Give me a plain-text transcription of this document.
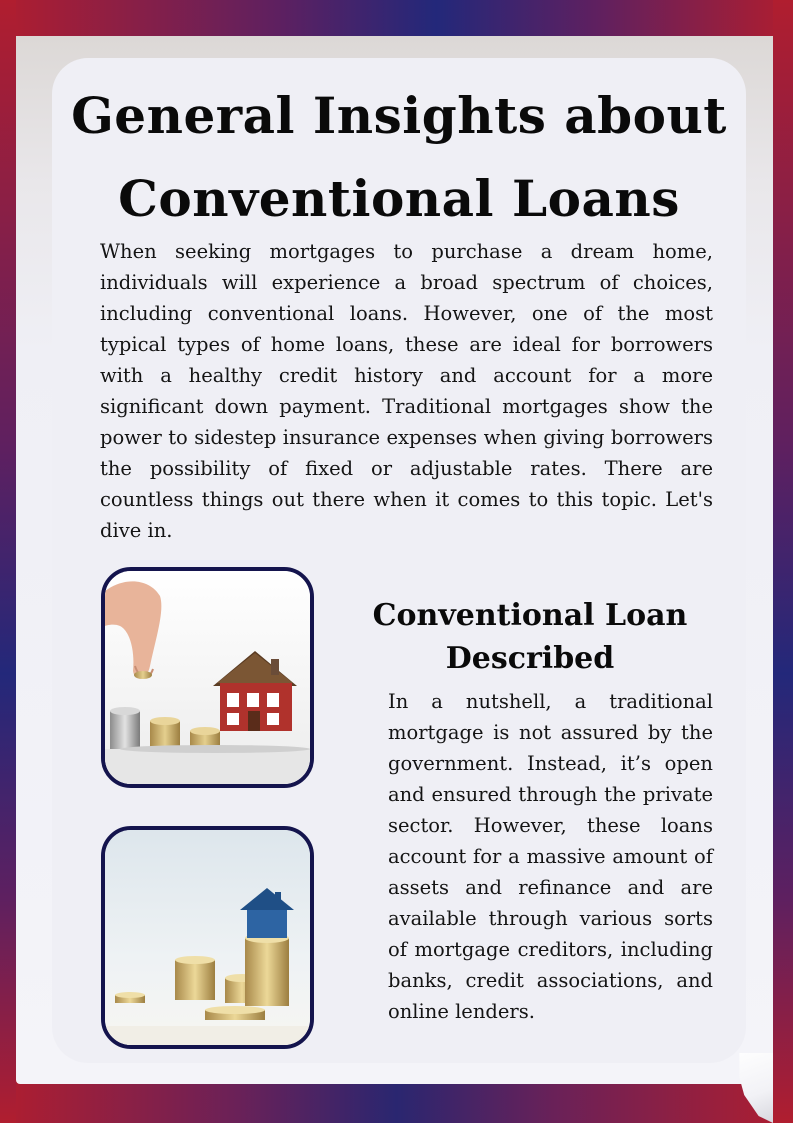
General Insights about Conventional Loans

When seeking mortgages to purchase a dream home, individuals will experience a broad spectrum of choices, including conventional loans. However, one of the most typical types of home loans, these are ideal for borrowers with a healthy credit history and account for a more significant down payment. Traditional mortgages show the power to sidestep insurance expenses when giving borrowers the possibility of fixed or adjustable rates. There are countless things out there when it comes to this topic. Let's dive in.

Conventional Loan Described

In a nutshell, a traditional mortgage is not assured by the government. Instead, it’s open and ensured through the private sector. However, these loans account for a massive amount of assets and refinance and are available through various sorts of mortgage creditors, including banks, credit associations, and online lenders.
